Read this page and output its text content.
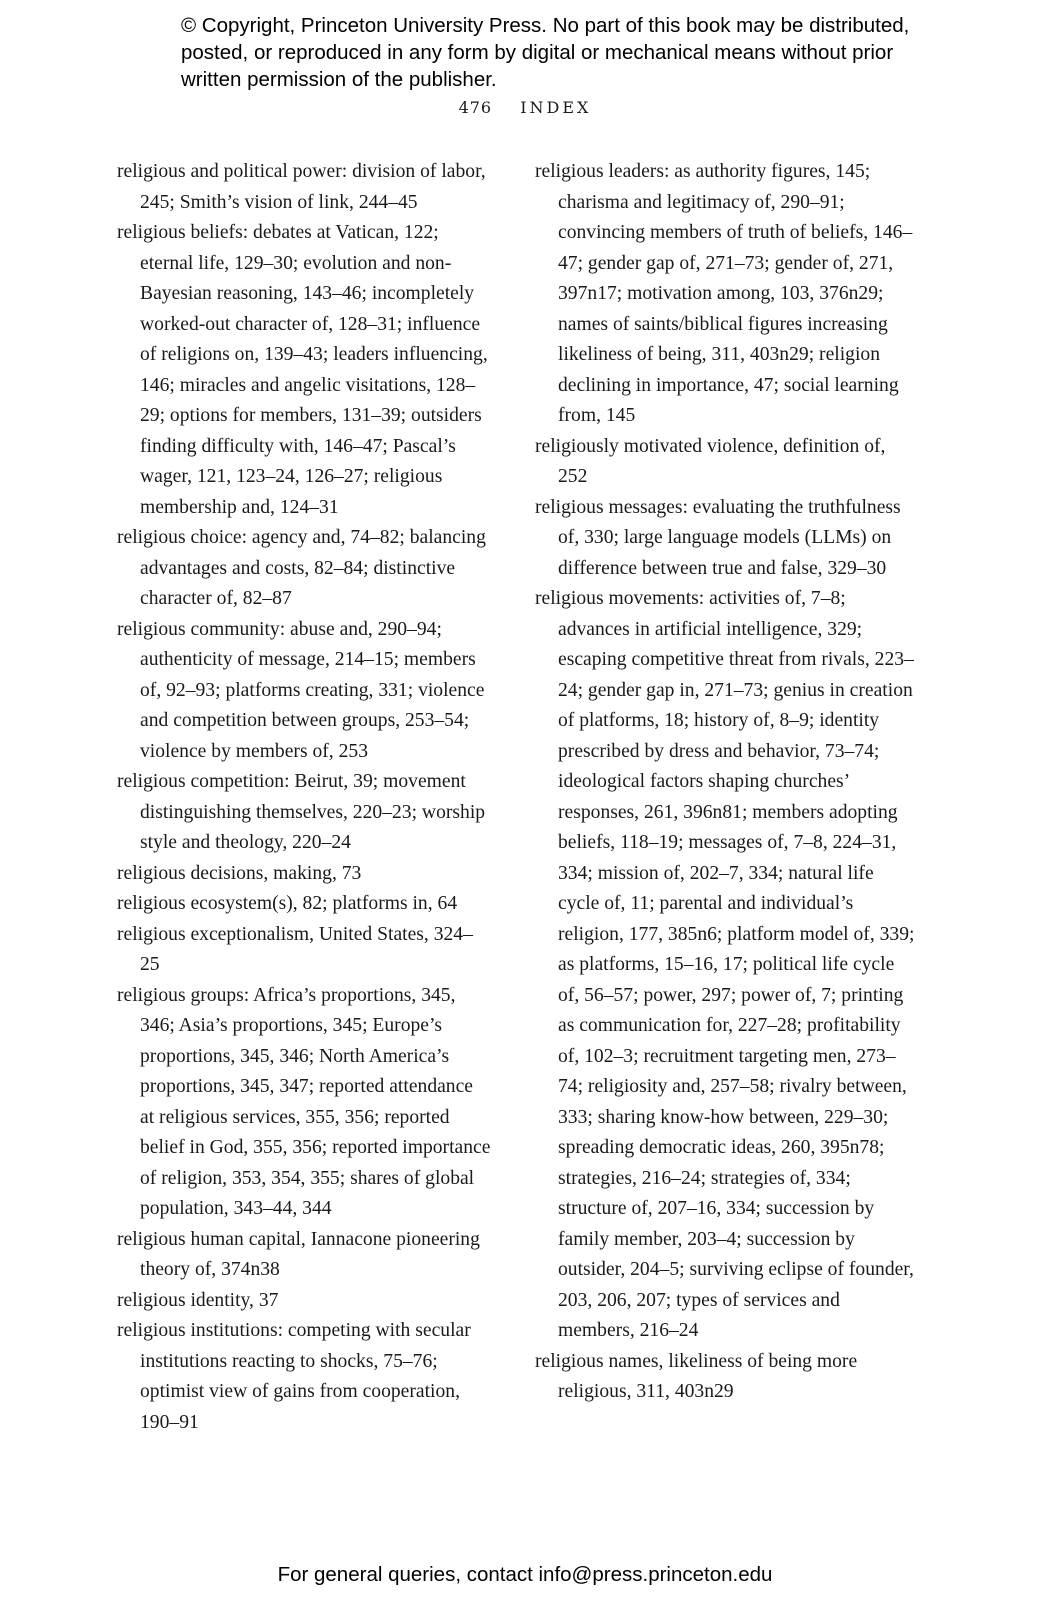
© Copyright, Princeton University Press. No part of this book may be distributed, posted, or reproduced in any form by digital or mechanical means without prior written permission of the publisher.
476 INDEX

religious and political power: division of labor, 245; Smith’s vision of link, 244–45

religious beliefs: debates at Vatican, 122; eternal life, 129–30; evolution and non-Bayesian reasoning, 143–46; incompletely worked-out character of, 128–31; influence of religions on, 139–43; leaders influencing, 146; miracles and angelic visitations, 128–29; options for members, 131–39; outsiders finding difficulty with, 146–47; Pascal’s wager, 121, 123–24, 126–27; religious membership and, 124–31

religious choice: agency and, 74–82; balancing advantages and costs, 82–84; distinctive character of, 82–87

religious community: abuse and, 290–94; authenticity of message, 214–15; members of, 92–93; platforms creating, 331; violence and competition between groups, 253–54; violence by members of, 253

religious competition: Beirut, 39; movement distinguishing themselves, 220–23; worship style and theology, 220–24

religious decisions, making, 73

religious ecosystem(s), 82; platforms in, 64

religious exceptionalism, United States, 324–25

religious groups: Africa’s proportions, 345, 346; Asia’s proportions, 345; Europe’s proportions, 345, 346; North America’s proportions, 345, 347; reported attendance at religious services, 355, 356; reported belief in God, 355, 356; reported importance of religion, 353, 354, 355; shares of global population, 343–44, 344

religious human capital, Iannacone pioneering theory of, 374n38

religious identity, 37

religious institutions: competing with secular institutions reacting to shocks, 75–76; optimist view of gains from cooperation, 190–91

religious leaders: as authority figures, 145; charisma and legitimacy of, 290–91; convincing members of truth of beliefs, 146–47; gender gap of, 271–73; gender of, 271, 397n17; motivation among, 103, 376n29; names of saints/biblical figures increasing likeliness of being, 311, 403n29; religion declining in importance, 47; social learning from, 145

religiously motivated violence, definition of, 252

religious messages: evaluating the truthfulness of, 330; large language models (LLMs) on difference between true and false, 329–30

religious movements: activities of, 7–8; advances in artificial intelligence, 329; escaping competitive threat from rivals, 223–24; gender gap in, 271–73; genius in creation of platforms, 18; history of, 8–9; identity prescribed by dress and behavior, 73–74; ideological factors shaping churches’ responses, 261, 396n81; members adopting beliefs, 118–19; messages of, 7–8, 224–31, 334; mission of, 202–7, 334; natural life cycle of, 11; parental and individual’s religion, 177, 385n6; platform model of, 339; as platforms, 15–16, 17; political life cycle of, 56–57; power, 297; power of, 7; printing as communication for, 227–28; profitability of, 102–3; recruitment targeting men, 273–74; religiosity and, 257–58; rivalry between, 333; sharing know-how between, 229–30; spreading democratic ideas, 260, 395n78; strategies, 216–24; strategies of, 334; structure of, 207–16, 334; succession by family member, 203–4; succession by outsider, 204–5; surviving eclipse of founder, 203, 206, 207; types of services and members, 216–24

religious names, likeliness of being more religious, 311, 403n29

For general queries, contact info@press.princeton.edu
